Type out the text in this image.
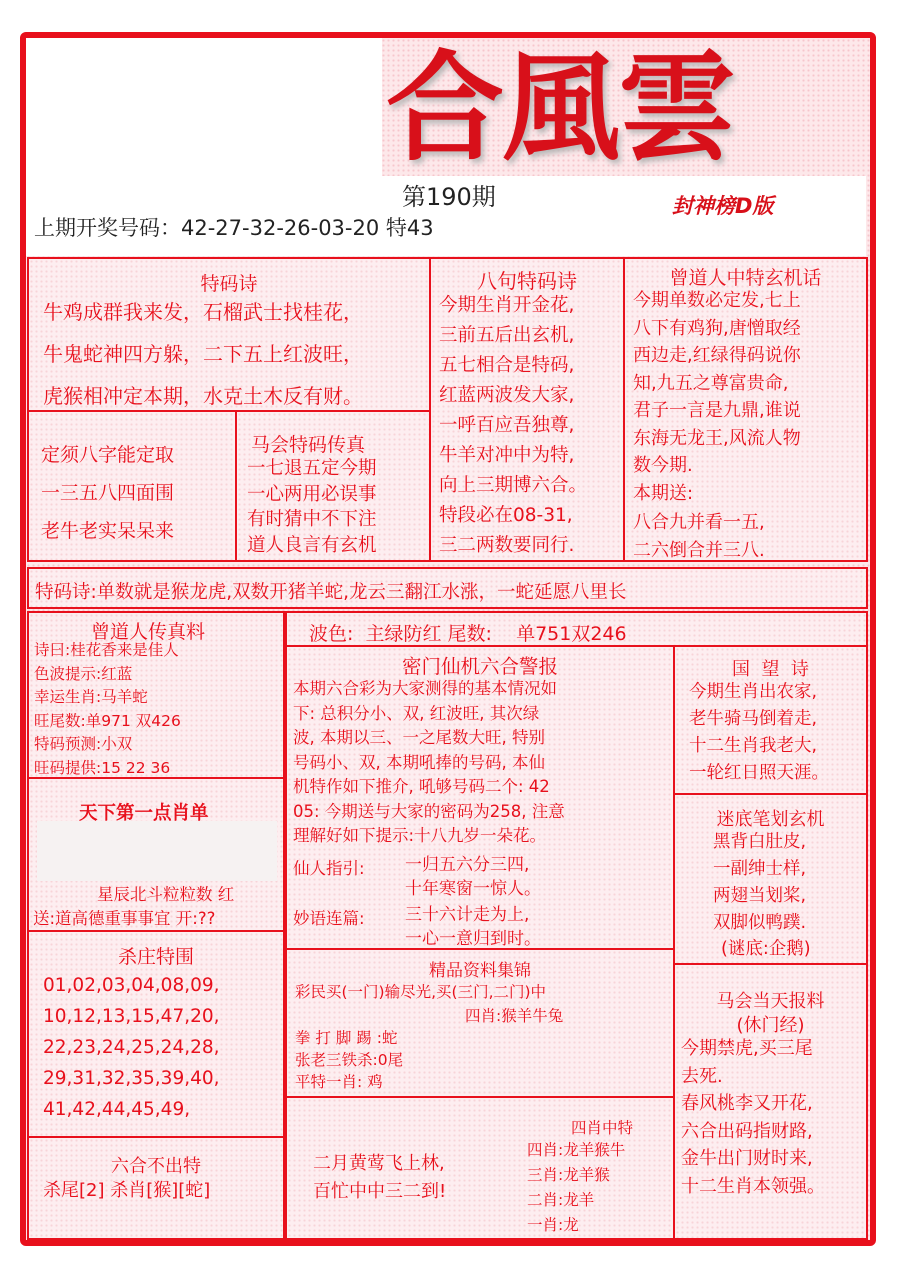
合風雲
第190期
上期开奖号码：42-27-32-26-03-20 特43
封神榜D版
特码诗
牛鸡成群我来发，石榴武士找桂花，
牛鬼蛇神四方躲，二下五上红波旺，
虎猴相冲定本期，水克土木反有财。
八句特码诗
今期生肖开金花,
三前五后出玄机,
五七相合是特码,
红蓝两波发大家,
一呼百应吾独尊,
牛羊对冲中为特,
向上三期博六合。
特段必在08-31,
三二两数要同行.
曾道人中特玄机话
今期单数必定发,七上
八下有鸡狗,唐憎取经
西边走,红绿得码说你
知,九五之尊富贵命,
君子一言是九鼎,谁说
东海无龙王,风流人物
数今期.
本期送:
八合九并看一五,
二六倒合并三八.
定须八字能定取
一三五八四面围
老牛老实呆呆来
马会特码传真
一七退五定今期
一心两用必误事
有时猜中不下注
道人良言有玄机
特码诗:单数就是猴龙虎,双数开猪羊蛇,龙云三翻江水涨，一蛇延愿八里长
曾道人传真料
诗曰:桂花香来是佳人
色波提示:红蓝
幸运生肖:马羊蛇
旺尾数:单971 双426
特码预测:小双
旺码提供:15 22 36
波色:  主绿防红 尾数:    单751双246
密门仙机六合警报
本期六合彩为大家测得的基本情况如
下: 总积分小、双, 红波旺, 其次绿
波, 本期以三、一之尾数大旺, 特别
号码小、双, 本期吼捧的号码, 本仙
机特作如下推介, 吼够号码二个: 42
05: 今期送与大家的密码为258, 注意
理解好如下提示:十八九岁一朵花。
仙人指引: 一归五六分三四,
十年寒窗一惊人。
妙语连篇: 三十六计走为上,
一心一意归到时。
国  望  诗
今期生肖出农家,
老牛骑马倒着走,
十二生肖我老大,
一轮红日照天涯。
天下第一点肖单
星辰北斗粒粒数 红
送:道高德重事事宜 开:??
迷底笔划玄机
黑背白肚皮,
一副绅士样,
两翅当划桨,
双脚似鸭蹼.
(谜底:企鹅)
杀庄特围
01,02,03,04,08,09,
10,12,13,15,47,20,
22,23,24,25,24,28,
29,31,32,35,39,40,
41,42,44,45,49,
精品资料集锦
彩民买(一门)输尽光,买(三门,二门)中
四肖:猴羊牛兔
拳 打 脚 踢 :蛇
张老三铁杀:0尾
平特一肖: 鸡
马会当天报料
(休门经)
今期禁虎,买三尾
去死.
春风桃李又开花,
六合出码指财路,
金牛出门财时来,
十二生肖本领强。
六合不出特
杀尾[2] 杀肖[猴][蛇]
二月黄莺飞上林,
百忙中中三二到!
四肖中特
四肖:龙羊猴牛
三肖:龙羊猴
二肖:龙羊
一肖:龙
